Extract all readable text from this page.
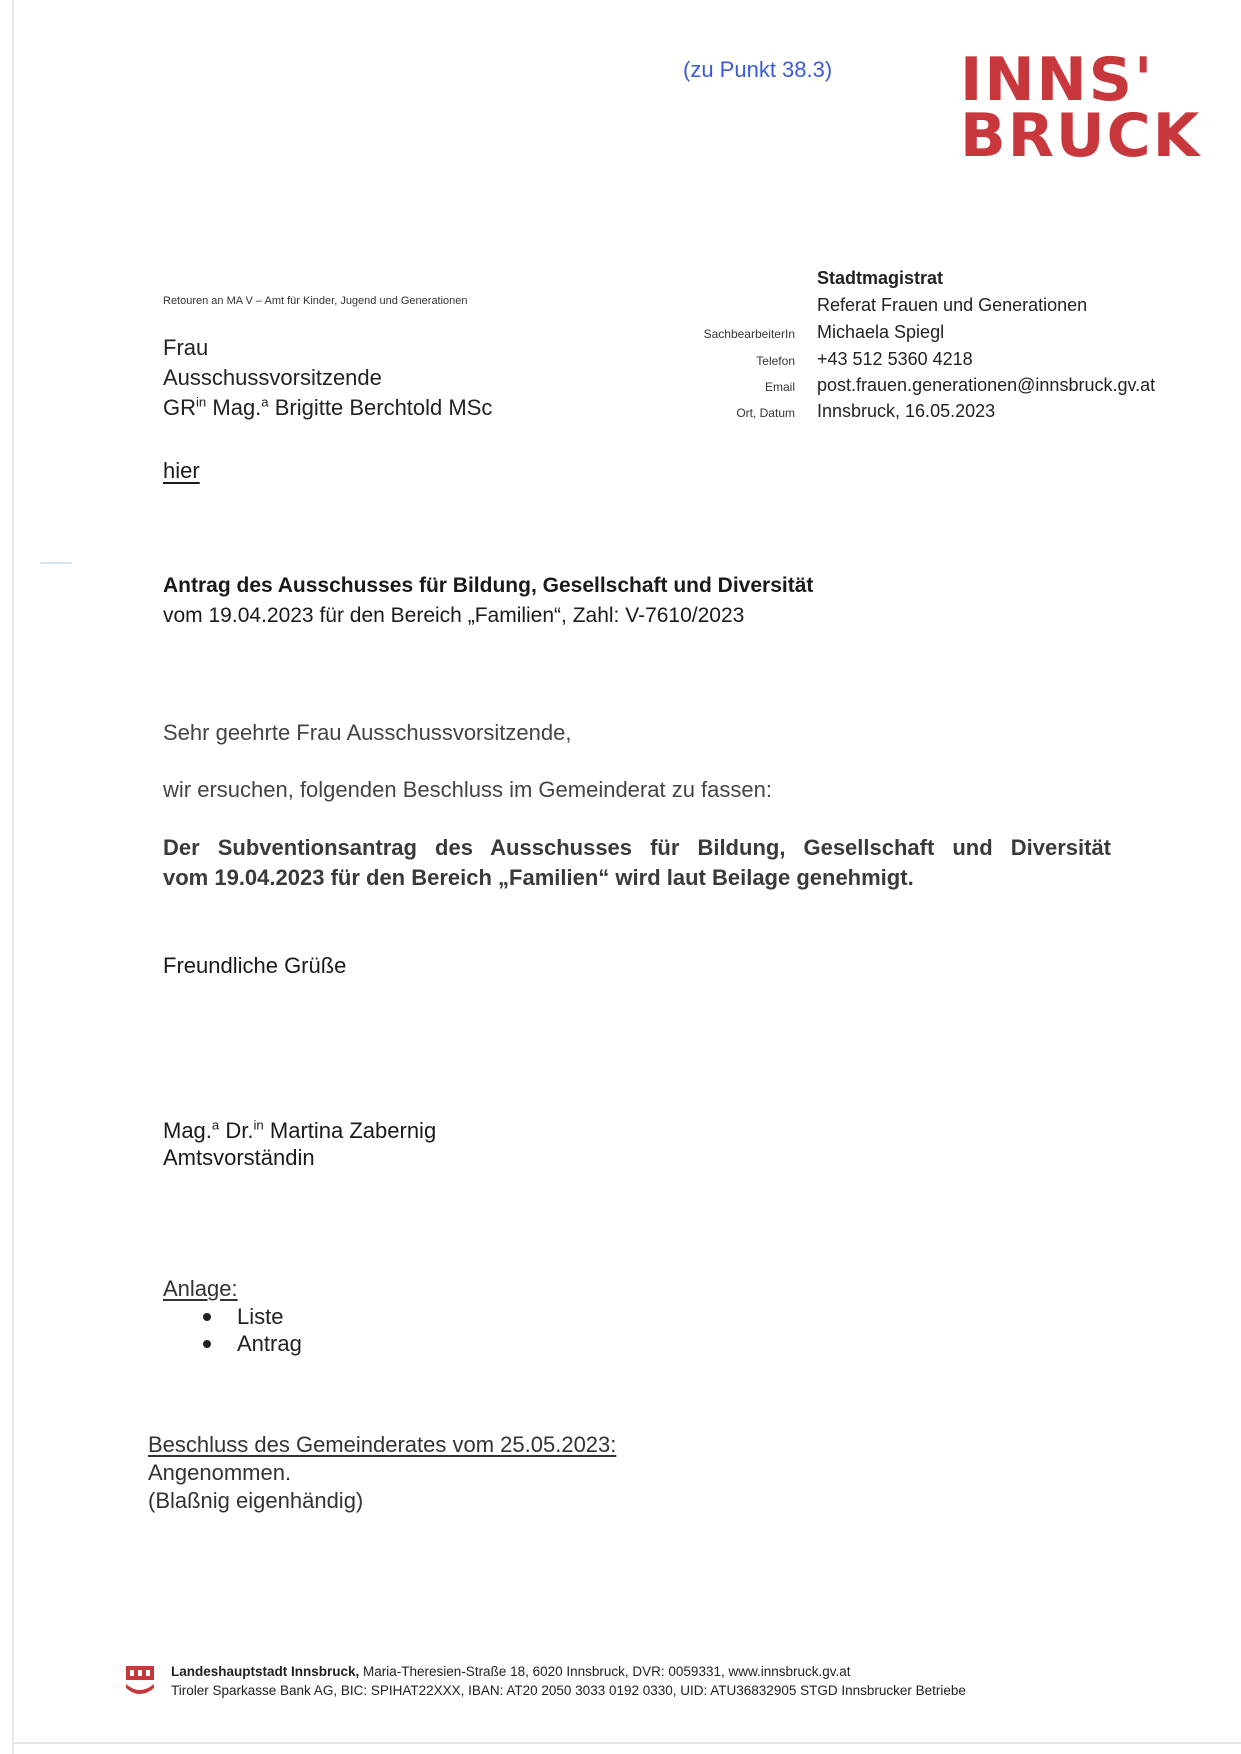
(zu Punkt 38.3) INNS'
BRUCK
Retouren an MA V – Amt für Kinder, Jugend und Generationen
Frau
Ausschussvorsitzende
$GR^{in}$ Mag.$^a$ Brigitte Berchtold MSc
hier
Stadtmagistrat
Referat Frauen und Generationen
SachbearbeiterIn Michaela Spiegl
Telefon +43 512 5360 4218
Email post.frauen.generationen@innsbruck.gv.at
Ort, Datum Innsbruck, 16.05.2023
Antrag des Ausschusses für Bildung, Gesellschaft und Diversität
vom 19.04.2023 für den Bereich „Familien“, Zahl: V-7610/2023
Sehr geehrte Frau Ausschussvorsitzende,
wir ersuchen, folgenden Beschluss im Gemeinderat zu fassen:
Der Subventionsantrag des Ausschusses für Bildung, Gesellschaft und Diversität
vom 19.04.2023 für den Bereich „Familien“ wird laut Beilage genehmigt.
Freundliche Grüße
Mag.$^a$ Dr.$^{in}$ Martina Zabernig
Amtsvorständin
Anlage:
Liste
Antrag
Beschluss des Gemeinderates vom 25.05.2023:
Angenommen.
(Blaßnig eigenhändig)
Landeshauptstadt Innsbruck, Maria-Theresien-Straße 18, 6020 Innsbruck, DVR: 0059331, www.innsbruck.gv.at
Tiroler Sparkasse Bank AG, BIC: SPIHAT22XXX, IBAN: AT20 2050 3033 0192 0330, UID: ATU36832905 STGD Innsbrucker Betriebe
